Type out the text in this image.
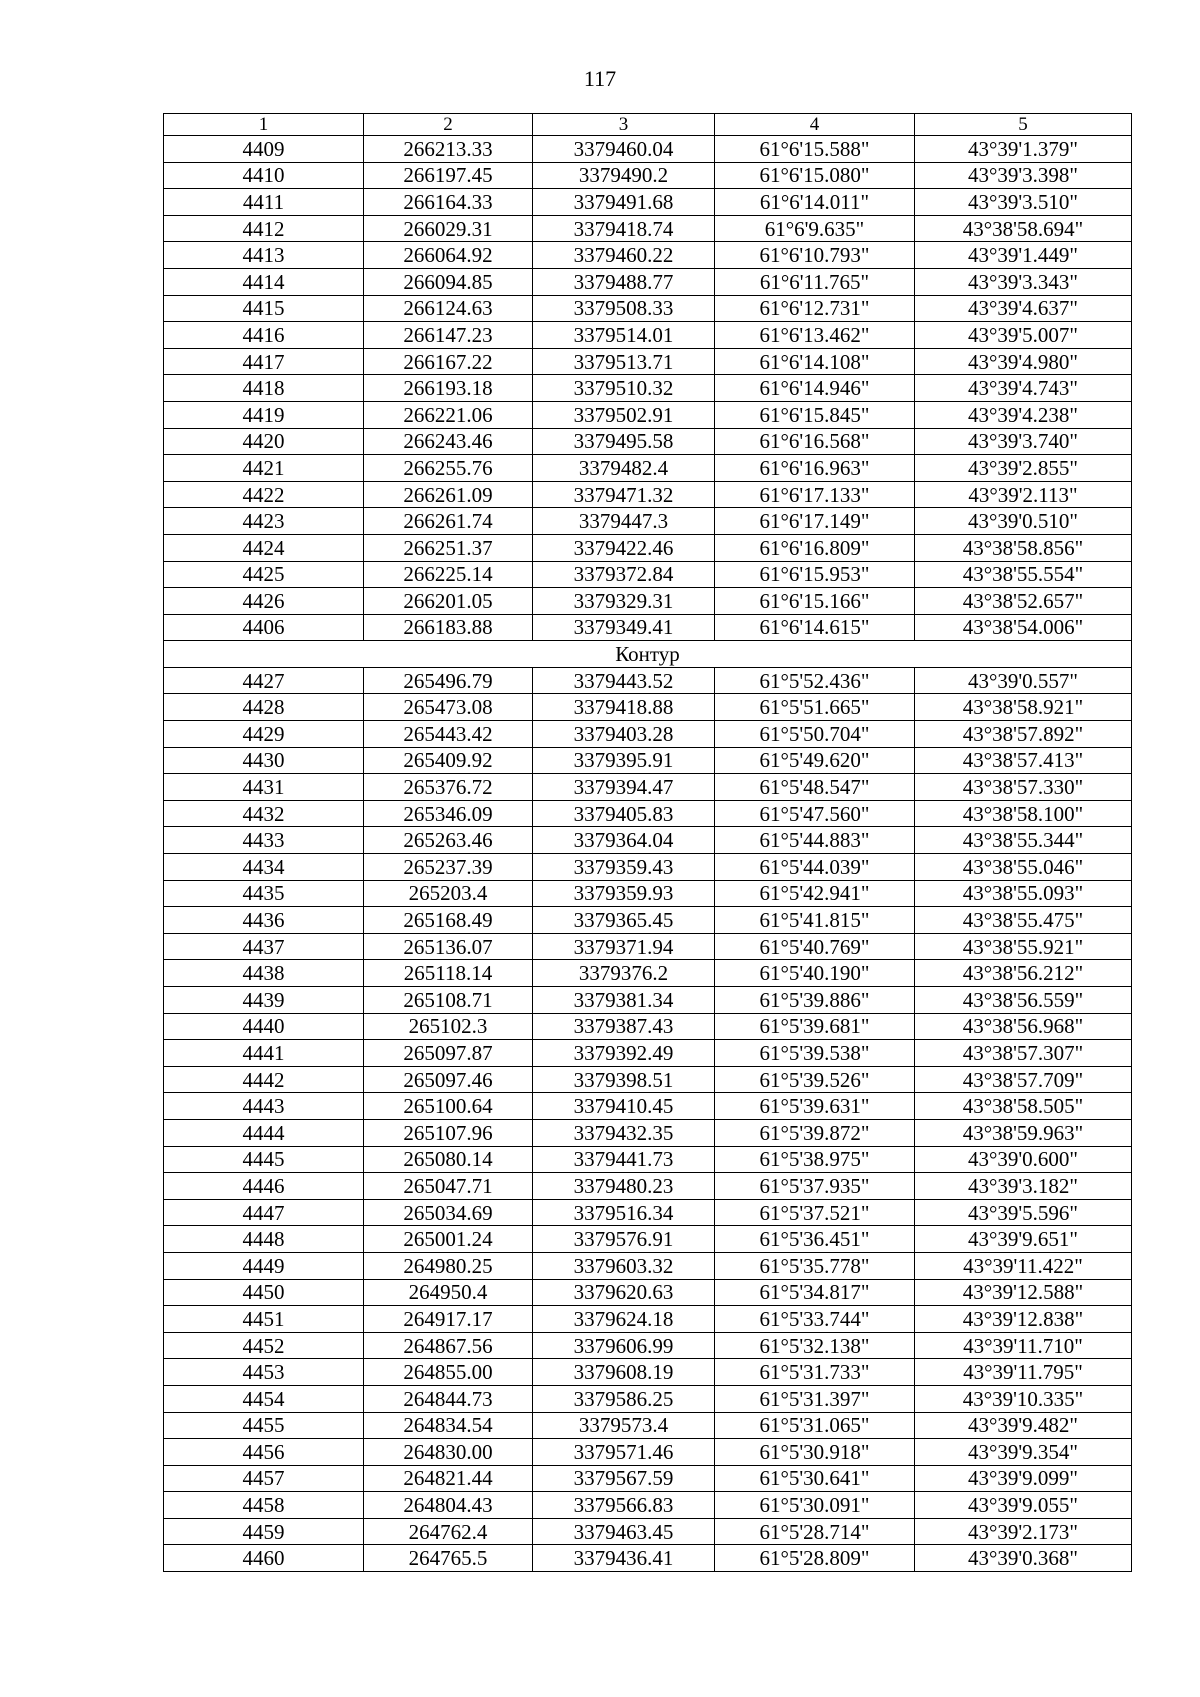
117
1	2	3	4	5
4409	266213.33	3379460.04	61°6'15.588"	43°39'1.379"
4410	266197.45	3379490.2	61°6'15.080"	43°39'3.398"
4411	266164.33	3379491.68	61°6'14.011"	43°39'3.510"
4412	266029.31	3379418.74	61°6'9.635"	43°38'58.694"
4413	266064.92	3379460.22	61°6'10.793"	43°39'1.449"
4414	266094.85	3379488.77	61°6'11.765"	43°39'3.343"
4415	266124.63	3379508.33	61°6'12.731"	43°39'4.637"
4416	266147.23	3379514.01	61°6'13.462"	43°39'5.007"
4417	266167.22	3379513.71	61°6'14.108"	43°39'4.980"
4418	266193.18	3379510.32	61°6'14.946"	43°39'4.743"
4419	266221.06	3379502.91	61°6'15.845"	43°39'4.238"
4420	266243.46	3379495.58	61°6'16.568"	43°39'3.740"
4421	266255.76	3379482.4	61°6'16.963"	43°39'2.855"
4422	266261.09	3379471.32	61°6'17.133"	43°39'2.113"
4423	266261.74	3379447.3	61°6'17.149"	43°39'0.510"
4424	266251.37	3379422.46	61°6'16.809"	43°38'58.856"
4425	266225.14	3379372.84	61°6'15.953"	43°38'55.554"
4426	266201.05	3379329.31	61°6'15.166"	43°38'52.657"
4406	266183.88	3379349.41	61°6'14.615"	43°38'54.006"
Контур				
4427	265496.79	3379443.52	61°5'52.436"	43°39'0.557"
4428	265473.08	3379418.88	61°5'51.665"	43°38'58.921"
4429	265443.42	3379403.28	61°5'50.704"	43°38'57.892"
4430	265409.92	3379395.91	61°5'49.620"	43°38'57.413"
4431	265376.72	3379394.47	61°5'48.547"	43°38'57.330"
4432	265346.09	3379405.83	61°5'47.560"	43°38'58.100"
4433	265263.46	3379364.04	61°5'44.883"	43°38'55.344"
4434	265237.39	3379359.43	61°5'44.039"	43°38'55.046"
4435	265203.4	3379359.93	61°5'42.941"	43°38'55.093"
4436	265168.49	3379365.45	61°5'41.815"	43°38'55.475"
4437	265136.07	3379371.94	61°5'40.769"	43°38'55.921"
4438	265118.14	3379376.2	61°5'40.190"	43°38'56.212"
4439	265108.71	3379381.34	61°5'39.886"	43°38'56.559"
4440	265102.3	3379387.43	61°5'39.681"	43°38'56.968"
4441	265097.87	3379392.49	61°5'39.538"	43°38'57.307"
4442	265097.46	3379398.51	61°5'39.526"	43°38'57.709"
4443	265100.64	3379410.45	61°5'39.631"	43°38'58.505"
4444	265107.96	3379432.35	61°5'39.872"	43°38'59.963"
4445	265080.14	3379441.73	61°5'38.975"	43°39'0.600"
4446	265047.71	3379480.23	61°5'37.935"	43°39'3.182"
4447	265034.69	3379516.34	61°5'37.521"	43°39'5.596"
4448	265001.24	3379576.91	61°5'36.451"	43°39'9.651"
4449	264980.25	3379603.32	61°5'35.778"	43°39'11.422"
4450	264950.4	3379620.63	61°5'34.817"	43°39'12.588"
4451	264917.17	3379624.18	61°5'33.744"	43°39'12.838"
4452	264867.56	3379606.99	61°5'32.138"	43°39'11.710"
4453	264855.00	3379608.19	61°5'31.733"	43°39'11.795"
4454	264844.73	3379586.25	61°5'31.397"	43°39'10.335"
4455	264834.54	3379573.4	61°5'31.065"	43°39'9.482"
4456	264830.00	3379571.46	61°5'30.918"	43°39'9.354"
4457	264821.44	3379567.59	61°5'30.641"	43°39'9.099"
4458	264804.43	3379566.83	61°5'30.091"	43°39'9.055"
4459	264762.4	3379463.45	61°5'28.714"	43°39'2.173"
4460	264765.5	3379436.41	61°5'28.809"	43°39'0.368"
